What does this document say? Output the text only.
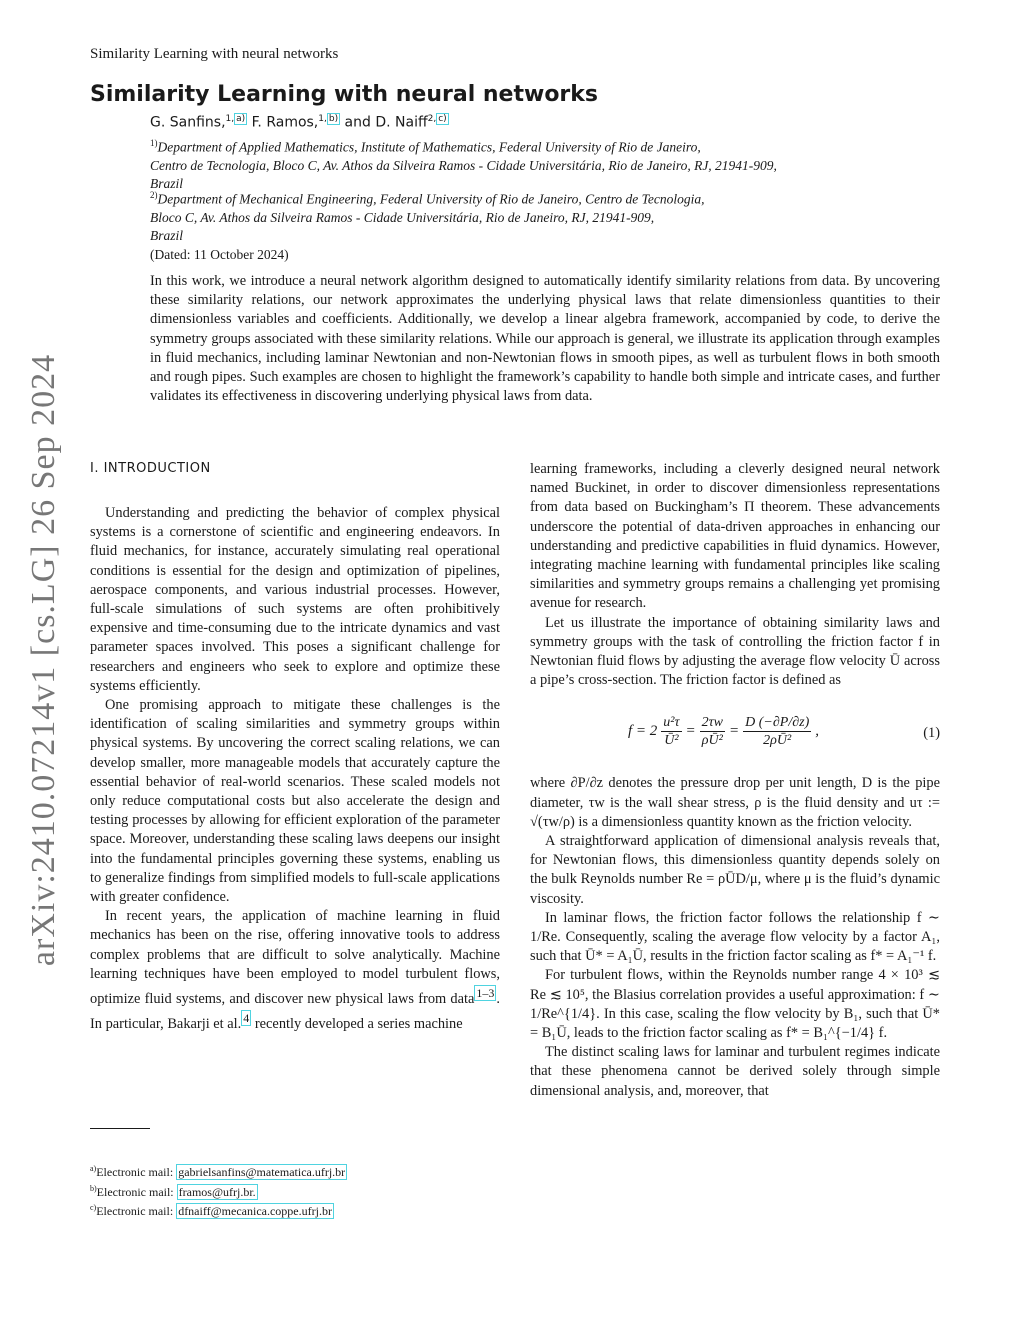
Similarity Learning with neural networks
arXiv:2410.07214v1 [cs.LG] 26 Sep 2024
Similarity Learning with neural networks
G. Sanfins,$^{1, a)}$ F. Ramos,$^{1, b)}$ and D. Naiff$^{2, c)}$
$^{1)}$Department of Applied Mathematics, Institute of Mathematics, Federal University of Rio de Janeiro,
Centro de Tecnologia, Bloco C, Av. Athos da Silveira Ramos - Cidade Universitária, Rio de Janeiro, RJ, 21941-909,
Brazil
$^{2)}$Department of Mechanical Engineering, Federal University of Rio de Janeiro, Centro de Tecnologia,
Bloco C, Av. Athos da Silveira Ramos - Cidade Universitária, Rio de Janeiro, RJ, 21941-909,
Brazil
(Dated: 11 October 2024)

In this work, we introduce a neural network algorithm designed to automatically identify similarity relations from data. By uncovering these similarity relations, our network approximates the underlying physical laws that relate dimensionless quantities to their dimensionless variables and coefficients. Additionally, we develop a linear algebra framework, accompanied by code, to derive the symmetry groups associated with these similarity relations. While our approach is general, we illustrate its application through examples in fluid mechanics, including laminar Newtonian and non-Newtonian flows in smooth pipes, as well as turbulent flows in both smooth and rough pipes. Such examples are chosen to highlight the framework’s capability to handle both simple and intricate cases, and further validates its effectiveness in discovering underlying physical laws from data.

I. INTRODUCTION

Understanding and predicting the behavior of complex physical systems is a cornerstone of scientific and engineering endeavors. In fluid mechanics, for instance, accurately simulating real operational conditions is essential for the design and optimization of pipelines, aerospace components, and various industrial processes. However, full-scale simulations of such systems are often prohibitively expensive and time-consuming due to the intricate dynamics and vast parameter spaces involved. This poses a significant challenge for researchers and engineers who seek to explore and optimize these systems efficiently.

One promising approach to mitigate these challenges is the identification of scaling similarities and symmetry groups within physical systems. By uncovering the correct scaling relations, we can develop smaller, more manageable models that accurately capture the essential behavior of real-world scenarios. These scaled models not only reduce computational costs but also accelerate the design and testing processes by allowing for efficient exploration of the parameter space. Moreover, understanding these scaling laws deepens our insight into the fundamental principles governing these systems, enabling us to generalize findings from simplified models to full-scale applications with greater confidence.

In recent years, the application of machine learning in fluid mechanics has been on the rise, offering innovative tools to address complex problems that are difficult to solve analytically. Machine learning techniques have been employed to model turbulent flows, optimize fluid systems, and discover new physical laws from data $^{1-3}$ . In particular, Bakarji et al. $^4$ recently developed a series machine

learning frameworks, including a cleverly designed neural network named Buckinet, in order to discover dimensionless representations from data based on Buckingham’s Π theorem. These advancements underscore the potential of data-driven approaches in enhancing our understanding and predictive capabilities in fluid dynamics. However, integrating machine learning with fundamental principles like scaling similarities and symmetry groups remains a challenging yet promising avenue for research.

Let us illustrate the importance of obtaining similarity laws and symmetry groups with the task of controlling the friction factor f in Newtonian fluid flows by adjusting the average flow velocity Ū across a pipe’s cross-section. The friction factor is defined as

$f = 2 \frac{\text{u²τ}}{\text{Ū²}} = \frac{2\tau w}{\text{ρŪ²}} = \frac{D (-\partial P/\partial z)}{\text{2ρŪ²}}$ ,	(1)

where ∂P/∂z denotes the pressure drop per unit length, D is the pipe diameter, τw is the wall shear stress, ρ is the fluid density and uτ := √(τw/ρ) is a dimensionless quantity known as the friction velocity.

A straightforward application of dimensional analysis reveals that, for Newtonian flows, this dimensionless quantity depends solely on the bulk Reynolds number Re = ρŪD/μ, where μ is the fluid’s dynamic viscosity.

In laminar flows, the friction factor follows the relationship f ∼ 1/Re. Consequently, scaling the average flow velocity by a factor A₁, such that Ū* = A₁Ū, results in the friction factor scaling as f* = A₁⁻¹ f.

For turbulent flows, within the Reynolds number range 4 × 10³ ≲ Re ≲ 10⁵, the Blasius correlation provides a useful approximation: f ∼ 1/Re^{1/4}. In this case, scaling the flow velocity by B₁, such that Ū* = B₁Ū, leads to the friction factor scaling as f* = B₁^{−1/4} f.

The distinct scaling laws for laminar and turbulent regimes indicate that these phenomena cannot be derived solely through simple dimensional analysis, and, moreover, that

$^{a)}$Electronic mail: gabrielsanfins@matematica.ufrj.br
$^{b)}$Electronic mail: framos@ufrj.br.
$^{c)}$Electronic mail: dfnaiff@mecanica.coppe.ufrj.br
